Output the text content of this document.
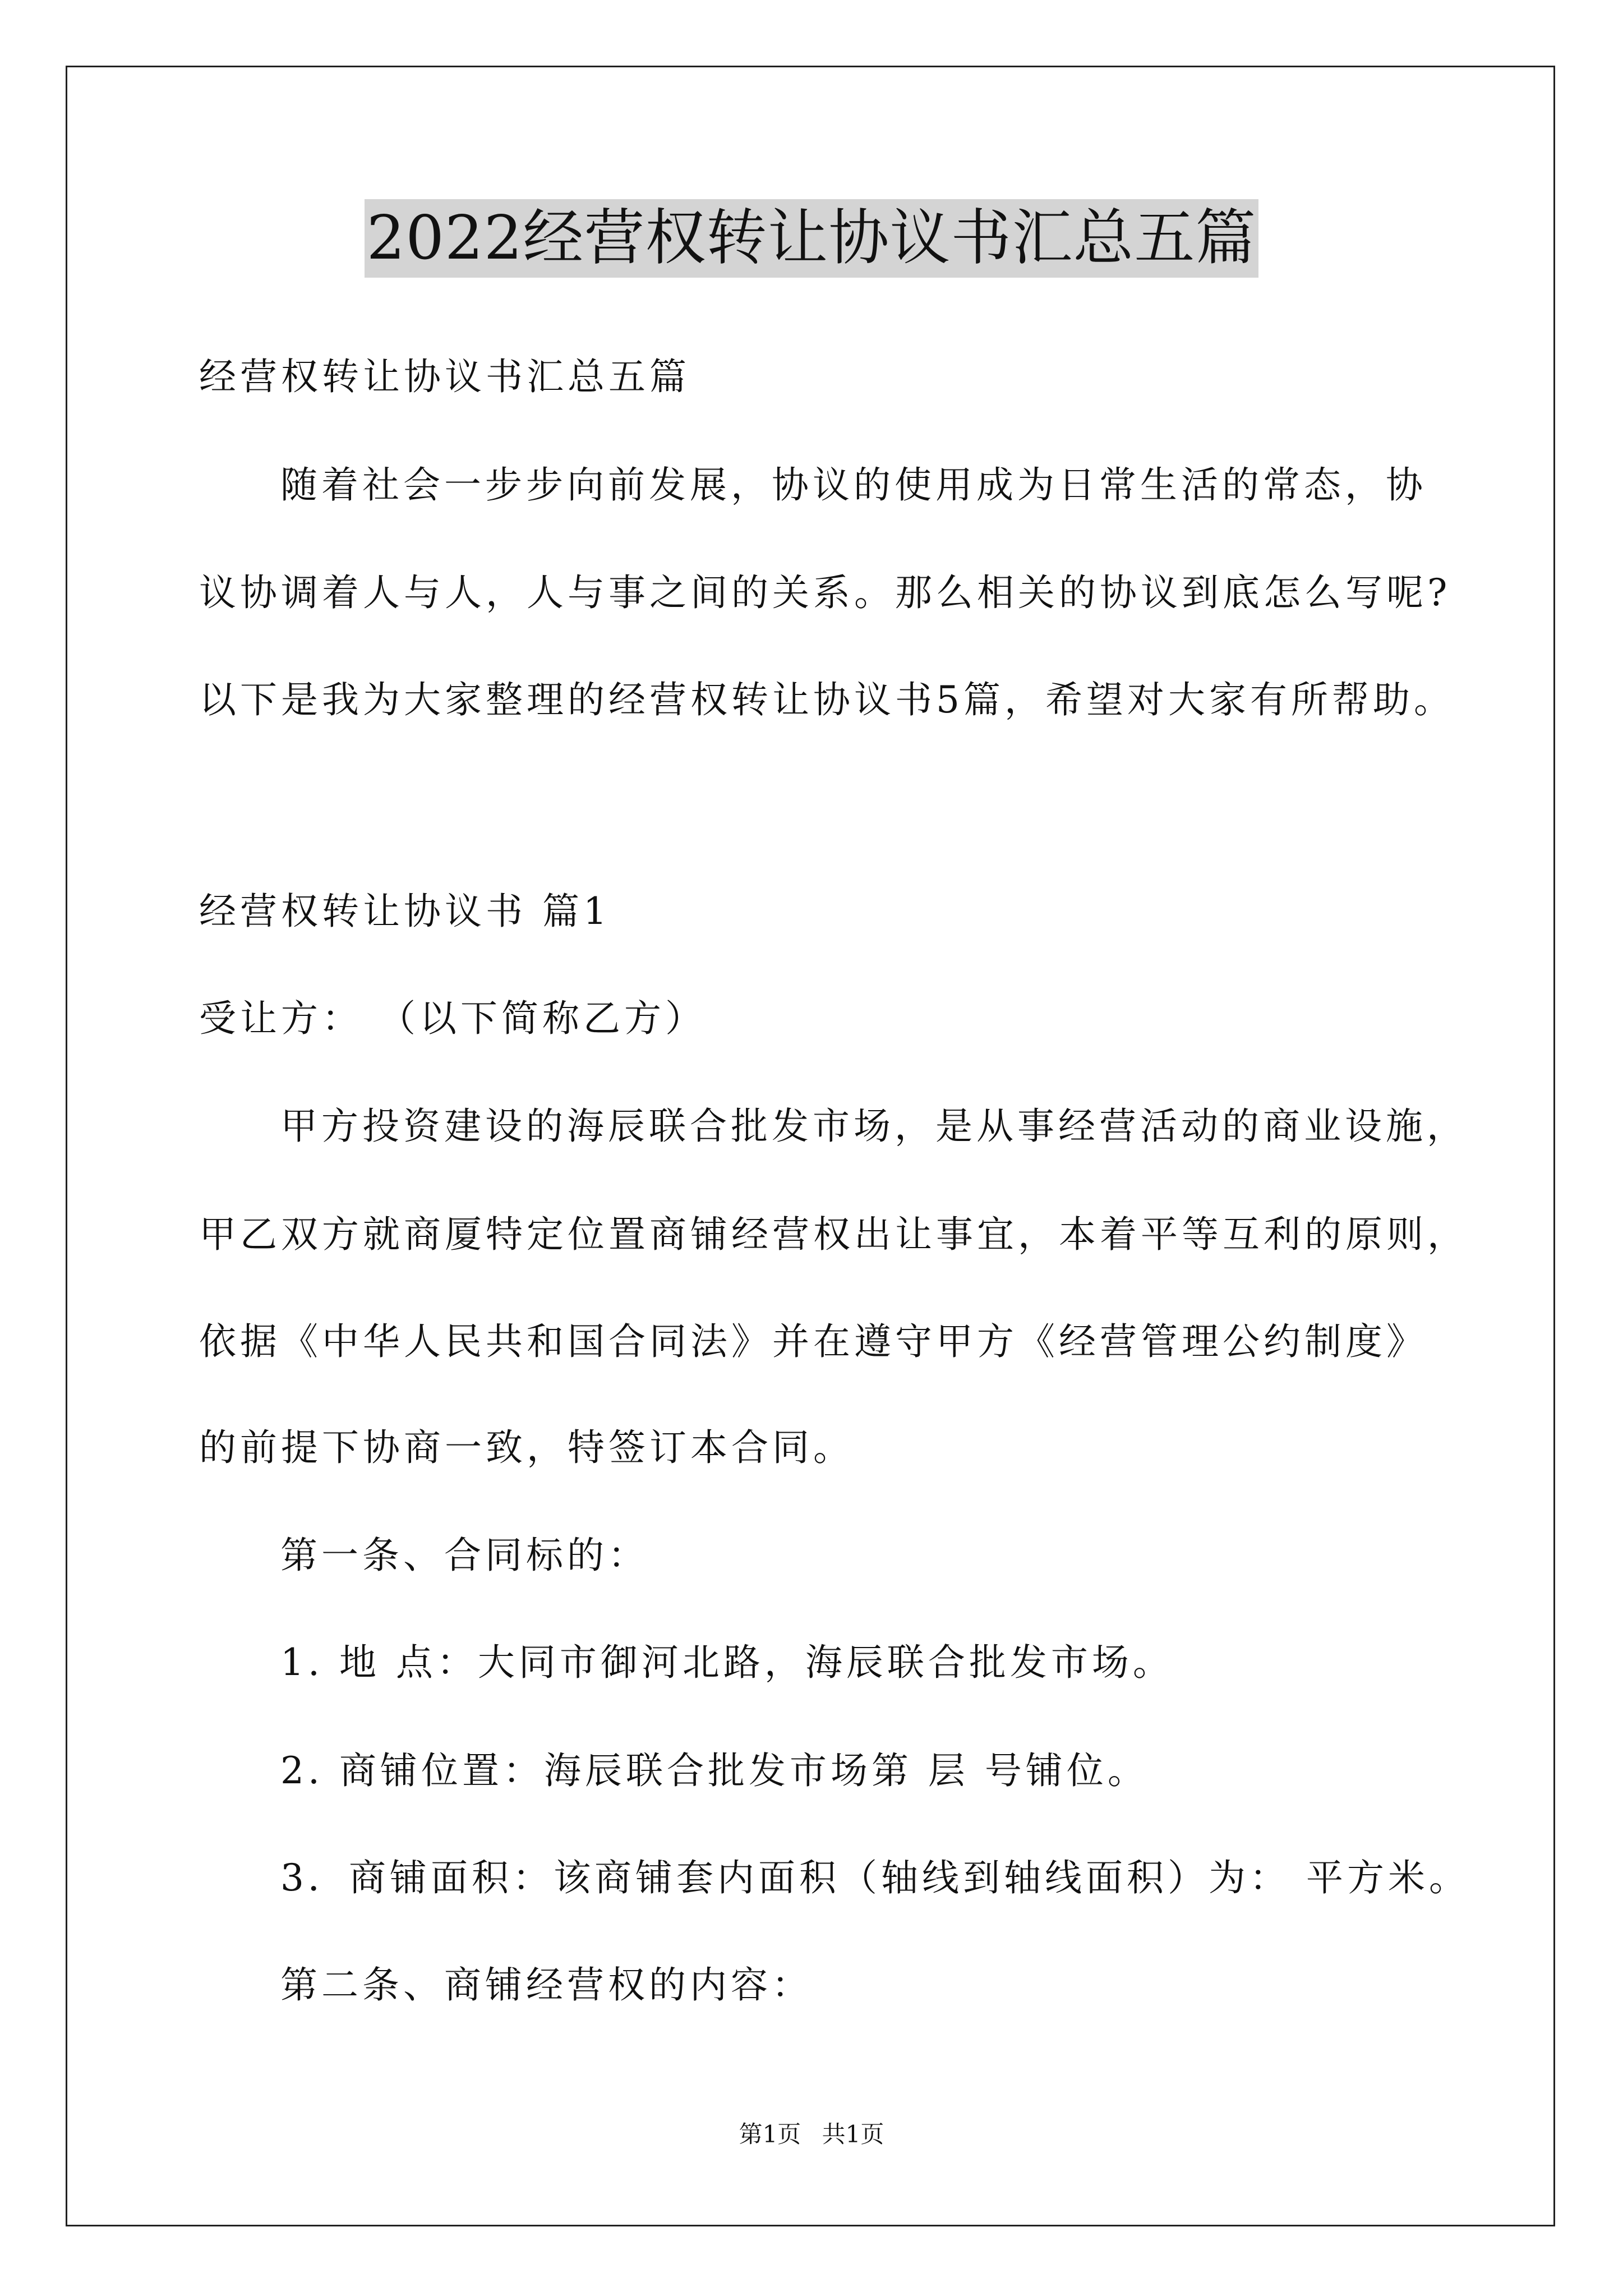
2022经营权转让协议书汇总五篇
经营权转让协议书汇总五篇
随着社会一步步向前发展，协议的使用成为日常生活的常态，协
议协调着人与人，人与事之间的关系。那么相关的协议到底怎么写呢?
以下是我为大家整理的经营权转让协议书5篇，希望对大家有所帮助。
经营权转让协议书 篇1
受让方： （以下简称乙方）
甲方投资建设的海辰联合批发市场，是从事经营活动的商业设施，
甲乙双方就商厦特定位置商铺经营权出让事宜，本着平等互利的原则，
依据《中华人民共和国合同法》并在遵守甲方《经营管理公约制度》
的前提下协商一致，特签订本合同。
第一条、合同标的：
1. 地 点：大同市御河北路，海辰联合批发市场。
2. 商铺位置：海辰联合批发市场第 层 号铺位。
3．商铺面积：该商铺套内面积（轴线到轴线面积）为： 平方米。
第二条、商铺经营权的内容：
第1页 共1页
